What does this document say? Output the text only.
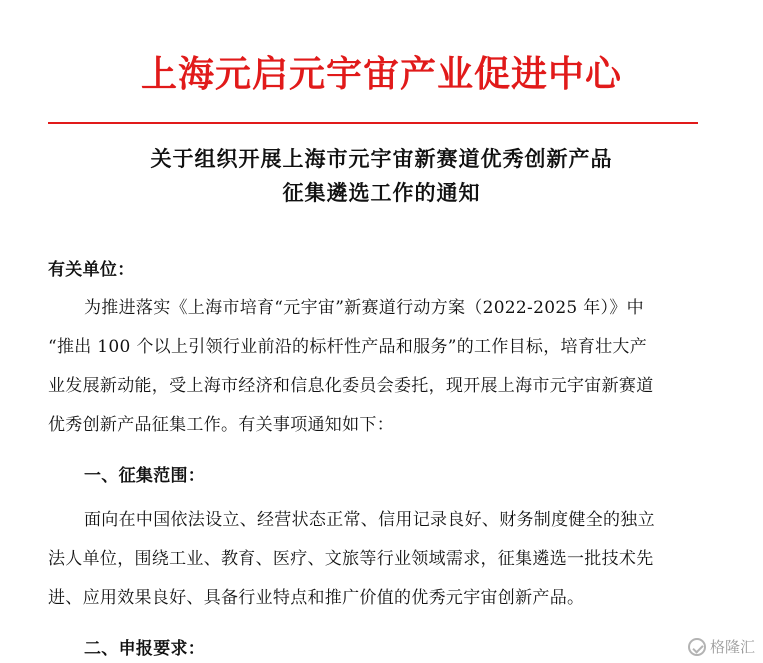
上海元启元宇宙产业促进中心
关于组织开展上海市元宇宙新赛道优秀创新产品
征集遴选工作的通知
有关单位：
为推进落实《上海市培育“元宇宙”新赛道行动方案（2022-2025 年）》中
“推出 100 个以上引领行业前沿的标杆性产品和服务”的工作目标，培育壮大产
业发展新动能，受上海市经济和信息化委员会委托，现开展上海市元宇宙新赛道
优秀创新产品征集工作。有关事项通知如下：
一、征集范围：
面向在中国依法设立、经营状态正常、信用记录良好、财务制度健全的独立
法人单位，围绕工业、教育、医疗、文旅等行业领域需求，征集遴选一批技术先
进、应用效果良好、具备行业特点和推广价值的优秀元宇宙创新产品。
二、申报要求：	格隆汇
